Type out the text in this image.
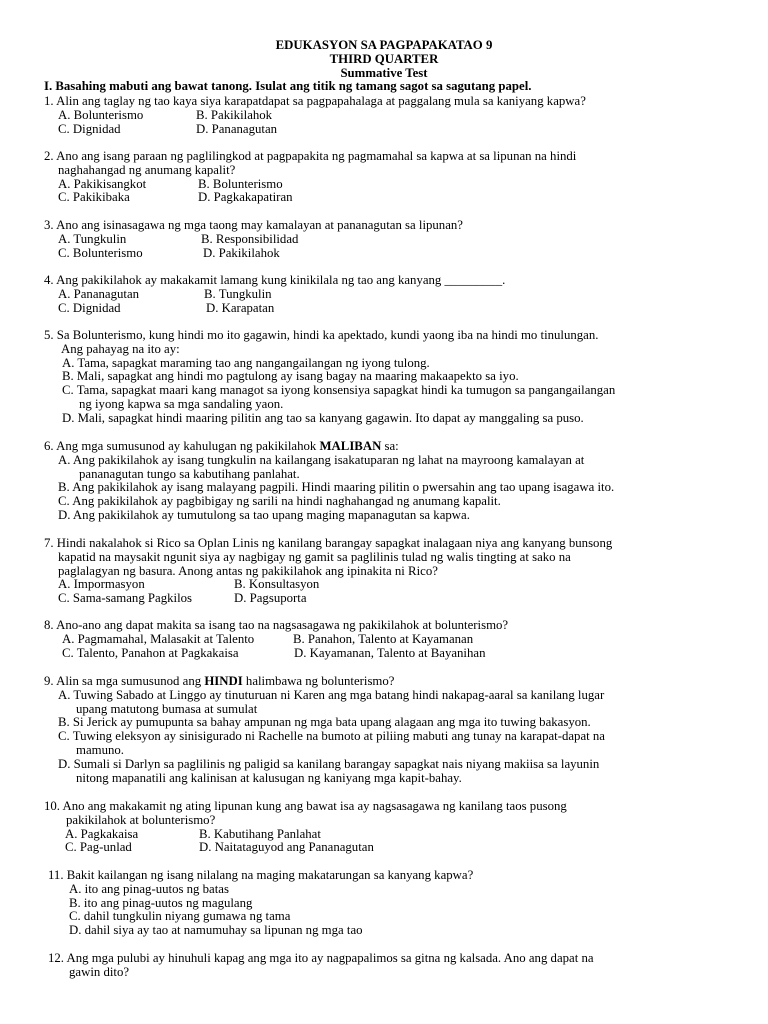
EDUKASYON SA PAGPAPAKATAO 9
THIRD QUARTER
Summative Test
I. Basahing mabuti ang bawat tanong. Isulat ang titik ng tamang sagot sa sagutang papel.
1. Alin ang taglay ng tao kaya siya karapatdapat sa pagpapahalaga at paggalang mula sa kaniyang kapwa?
A. Bolunterismo	B. Pakikilahok
C. Dignidad	D. Pananagutan
2. Ano ang isang paraan ng paglilingkod at pagpapakita ng pagmamahal sa kapwa at sa lipunan na hindi
naghahangad ng anumang kapalit?
A. Pakikisangkot	B. Bolunterismo
C. Pakikibaka	D. Pagkakapatiran
3. Ano ang isinasagawa ng mga taong may kamalayan at pananagutan sa lipunan?
A. Tungkulin	B. Responsibilidad
C. Bolunterismo	D. Pakikilahok
4. Ang pakikilahok ay makakamit lamang kung kinikilala ng tao ang kanyang _________.
A. Pananagutan	B. Tungkulin
C. Dignidad	D. Karapatan
5. Sa Bolunterismo, kung hindi mo ito gagawin, hindi ka apektado, kundi yaong iba na hindi mo tinulungan.
Ang pahayag na ito ay:
A. Tama, sapagkat maraming tao ang nangangailangan ng iyong tulong.
B. Mali, sapagkat ang hindi mo pagtulong ay isang bagay na maaring makaapekto sa iyo.
C. Tama, sapagkat maari kang managot sa iyong konsensiya sapagkat hindi ka tumugon sa pangangailangan
ng iyong kapwa sa mga sandaling yaon.
D. Mali, sapagkat hindi maaring pilitin ang tao sa kanyang gagawin. Ito dapat ay manggaling sa puso.
6. Ang mga sumusunod ay kahulugan ng pakikilahok MALIBAN sa:
A. Ang pakikilahok ay isang tungkulin na kailangang isakatuparan ng lahat na mayroong kamalayan at
pananagutan tungo sa kabutihang panlahat.
B. Ang pakikilahok ay isang malayang pagpili. Hindi maaring pilitin o pwersahin ang tao upang isagawa ito.
C. Ang pakikilahok ay pagbibigay ng sarili na hindi naghahangad ng anumang kapalit.
D. Ang pakikilahok ay tumutulong sa tao upang maging mapanagutan sa kapwa.
7. Hindi nakalahok si Rico sa Oplan Linis ng kanilang barangay sapagkat inalagaan niya ang kanyang bunsong
kapatid na maysakit ngunit siya ay nagbigay ng gamit sa paglilinis tulad ng walis tingting at sako na
paglalagyan ng basura. Anong antas ng pakikilahok ang ipinakita ni Rico?
A. Impormasyon	B. Konsultasyon
C. Sama-samang Pagkilos	D. Pagsuporta
8. Ano-ano ang dapat makita sa isang tao na nagsasagawa ng pakikilahok at bolunterismo?
A. Pagmamahal, Malasakit at Talento	B. Panahon, Talento at Kayamanan
C. Talento, Panahon at Pagkakaisa	D. Kayamanan, Talento at Bayanihan
9. Alin sa mga sumusunod ang HINDI halimbawa ng bolunterismo?
A. Tuwing Sabado at Linggo ay tinuturuan ni Karen ang mga batang hindi nakapag-aaral sa kanilang lugar
upang matutong bumasa at sumulat
B. Si Jerick ay pumupunta sa bahay ampunan ng mga bata upang alagaan ang mga ito tuwing bakasyon.
C. Tuwing eleksyon ay sinisigurado ni Rachelle na bumoto at piliing mabuti ang tunay na karapat-dapat na
mamuno.
D. Sumali si Darlyn sa paglilinis ng paligid sa kanilang barangay sapagkat nais niyang makiisa sa layunin
nitong mapanatili ang kalinisan at kalusugan ng kaniyang mga kapit-bahay.
10. Ano ang makakamit ng ating lipunan kung ang bawat isa ay nagsasagawa ng kanilang taos pusong
pakikilahok at bolunterismo?
A. Pagkakaisa	B. Kabutihang Panlahat
C. Pag-unlad	D. Naitataguyod ang Pananagutan
11. Bakit kailangan ng isang nilalang na maging makatarungan sa kanyang kapwa?
A. ito ang pinag-uutos ng batas
B. ito ang pinag-uutos ng magulang
C. dahil tungkulin niyang gumawa ng tama
D. dahil siya ay tao at namumuhay sa lipunan ng mga tao
12. Ang mga pulubi ay hinuhuli kapag ang mga ito ay nagpapalimos sa gitna ng kalsada. Ano ang dapat na
gawin dito?
